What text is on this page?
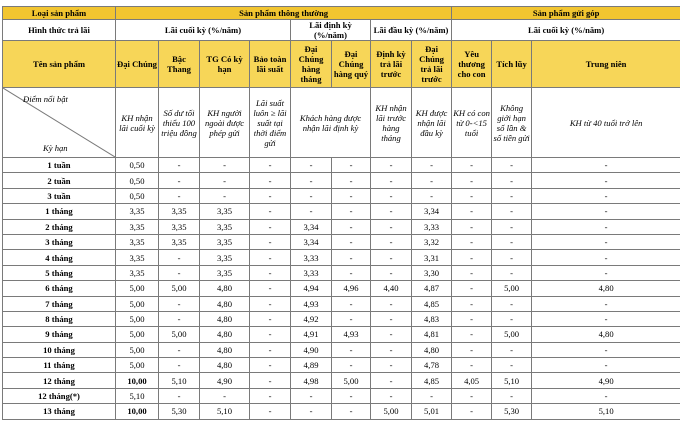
Loại sản phẩm	Sản phẩm thông thường								Sản phẩm gửi góp		
Hình thức trả lãi	Lãi cuối kỳ (%/năm)				Lãi định kỳ (%/năm)		Lãi đầu kỳ (%/năm)		Lãi cuối kỳ (%/năm)		
Tên sản phẩm	Đại Chúng	Bậc Thang	TG Có kỳ hạn	Bảo toàn lãi suất	Đại Chúng hàng tháng	Đại Chúng hàng quý	Định kỳ trả lãi trước	Đại Chúng trả lãi trước	Yêu thương cho con	Tích lũy	Trung niên

Điểm nổi bật
Kỳ hạn	KH nhận lãi cuối kỳ	Số dư tối thiểu 100 triệu đồng	KH người ngoài được phép gửi	Lãi suất luôn ≥ lãi suất tại thời điểm gửi	Khách hàng được nhận lãi định kỳ		KH nhận lãi trước hàng tháng	KH được nhận lãi đầu kỳ	KH có con từ 0-<15 tuổi	Không giới hạn số lần & số tiền gửi	KH từ 40 tuổi trở lên
1 tuần	0,50	-	-	-	-	-	-	-	-	-	-
2 tuần	0,50	-	-	-	-	-	-	-	-	-	-
3 tuần	0,50	-	-	-	-	-	-	-	-	-	-
1 tháng	3,35	3,35	3,35	-	-	-	-	3,34	-	-	-
2 tháng	3,35	3,35	3,35	-	3,34	-	-	3,33	-	-	-
3 tháng	3,35	3,35	3,35	-	3,34	-	-	3,32	-	-	-
4 tháng	3,35	-	3,35	-	3,33	-	-	3,31	-	-	-
5 tháng	3,35	-	3,35	-	3,33	-	-	3,30	-	-	-
6 tháng	5,00	5,00	4,80	-	4,94	4,96	4,40	4,87	-	5,00	4,80
7 tháng	5,00	-	4,80	-	4,93	-	-	4,85	-	-	-
8 tháng	5,00	-	4,80	-	4,92	-	-	4,83	-	-	-
9 tháng	5,00	5,00	4,80	-	4,91	4,93	-	4,81	-	5,00	4,80
10 tháng	5,00	-	4,80	-	4,90	-	-	4,80	-	-	-
11 tháng	5,00	-	4,80	-	4,89	-	-	4,78	-	-	-
12 tháng	10,00	5,10	4,90	-	4,98	5,00	-	4,85	4,05	5,10	4,90
12 tháng(*)	5,10	-	-	-	-	-	-	-	-	-	-
13 tháng	10,00	5,30	5,10	-	-	-	5,00	5,01	-	5,30	5,10
